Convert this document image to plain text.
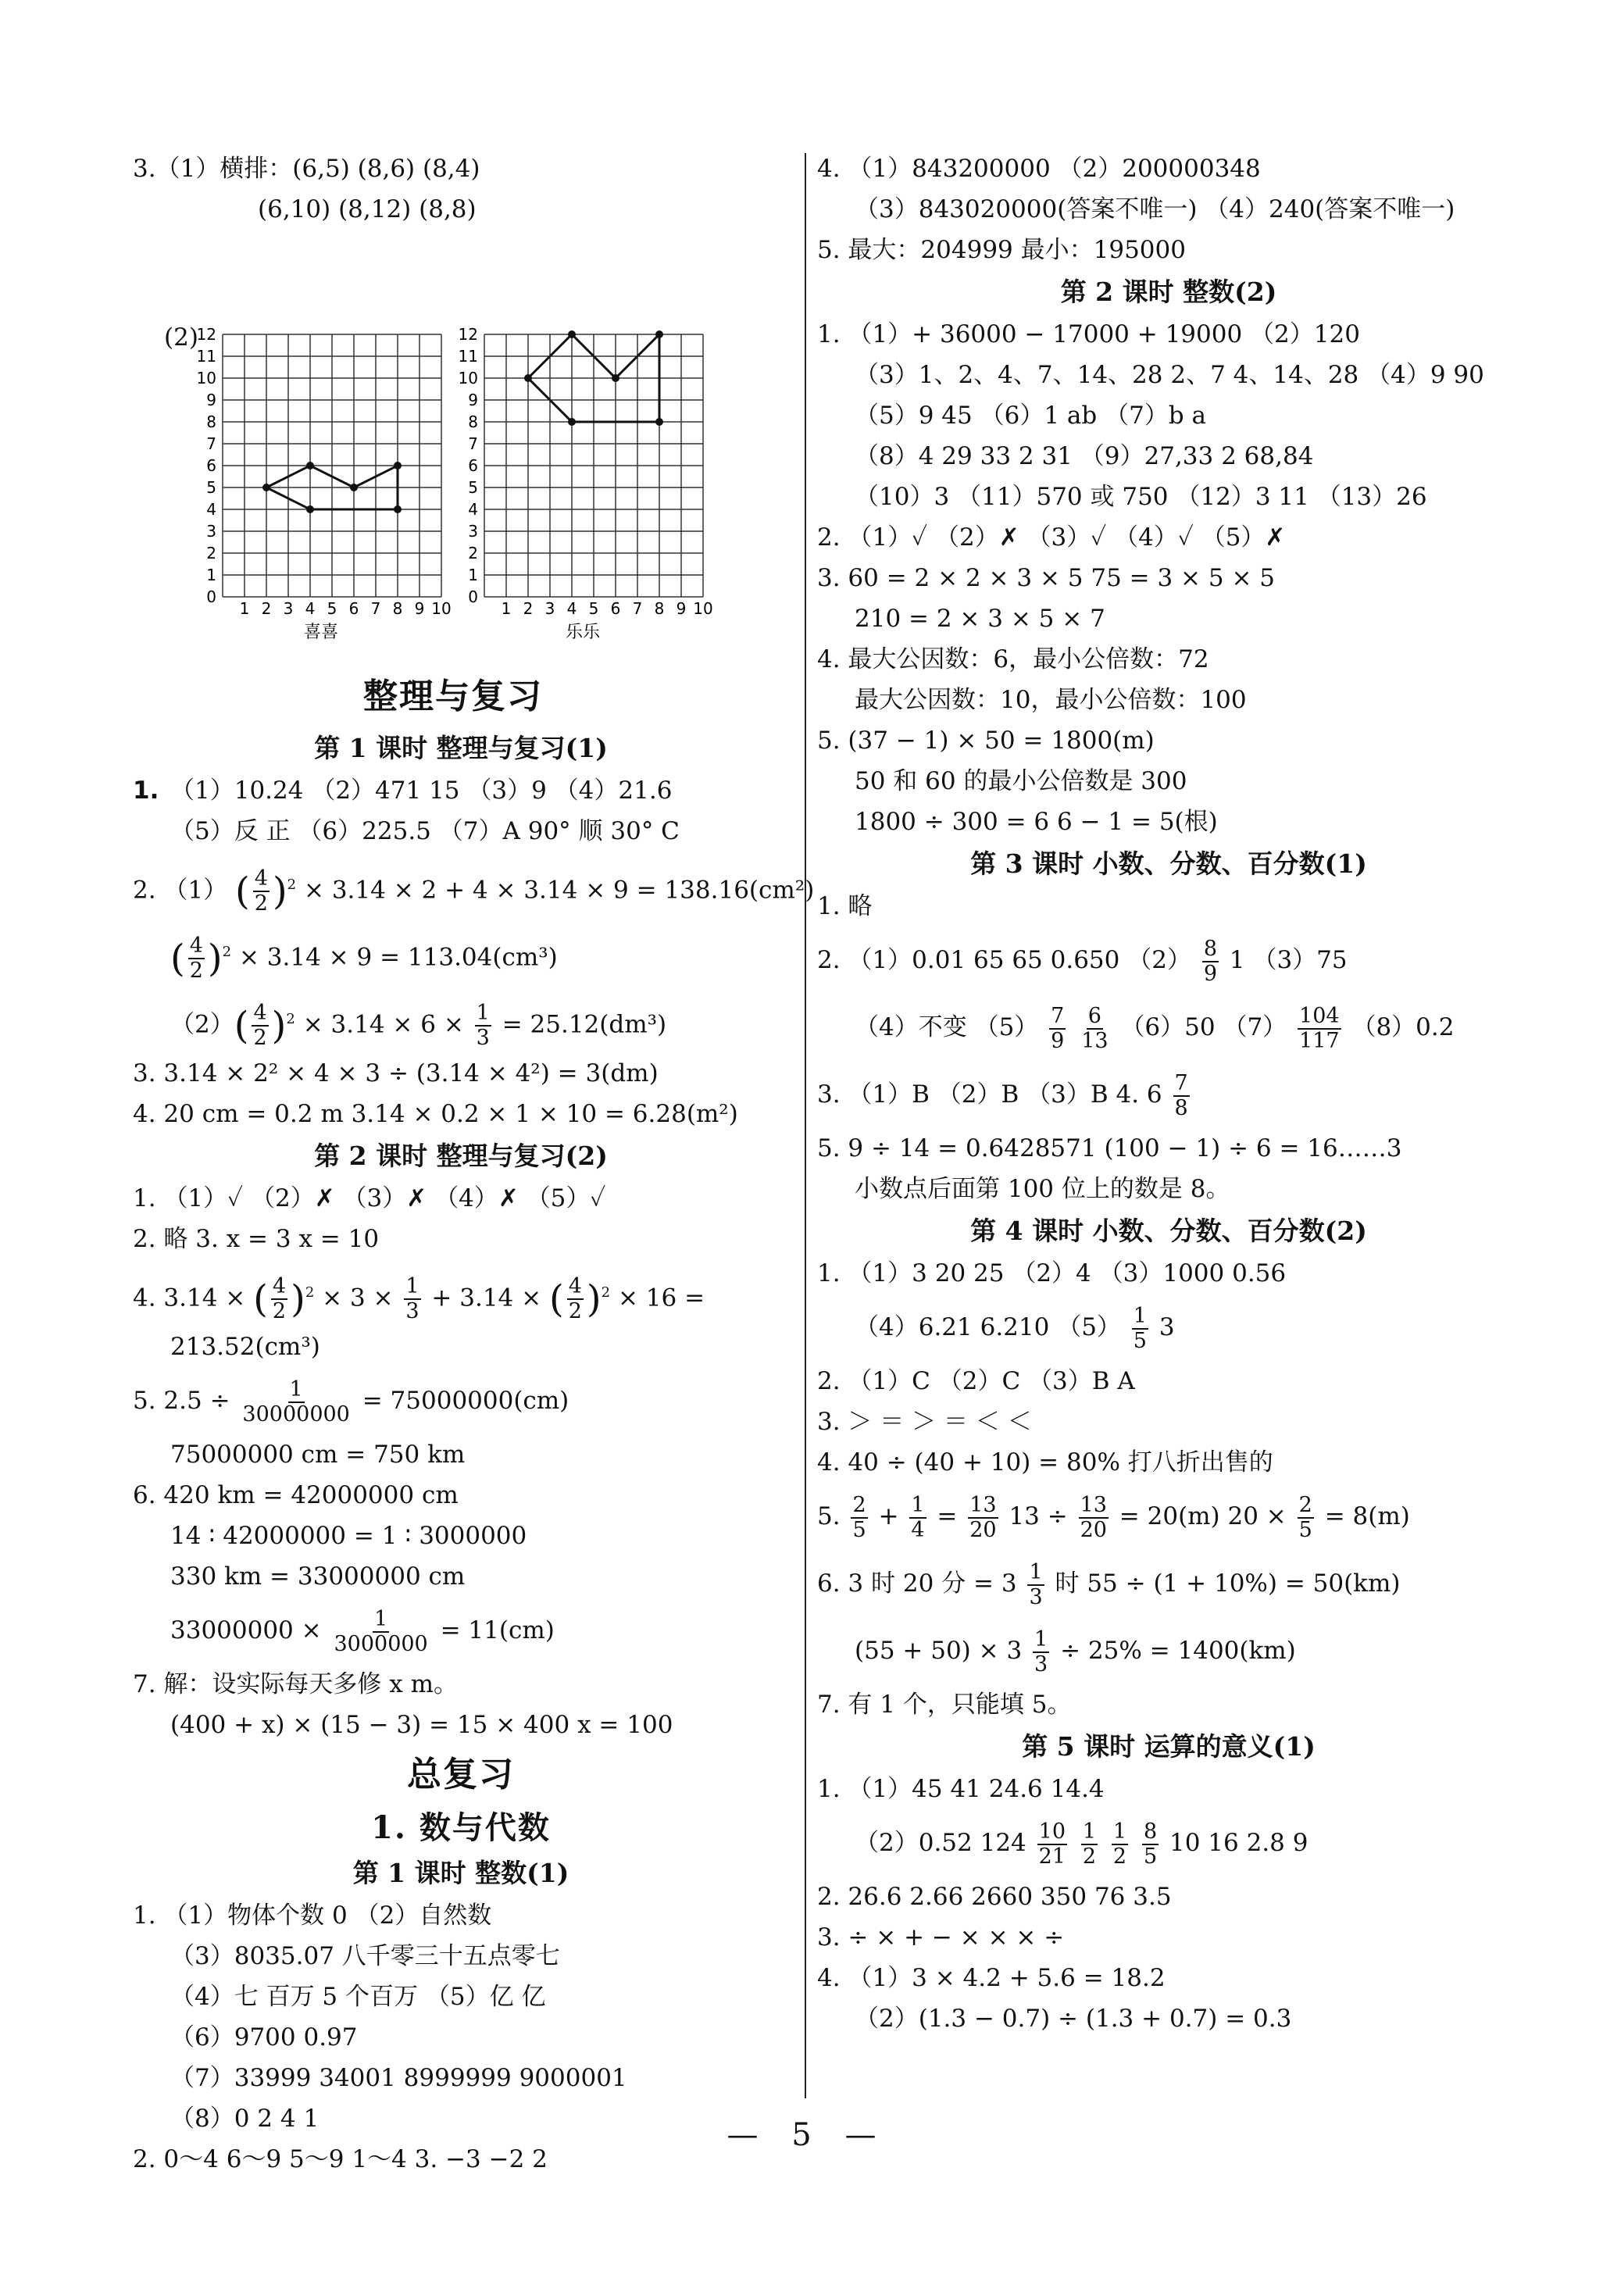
3.（1）横排：(6,5) (8,6) (8,4)
(6,10) (8,12) (8,8)
(2)
12
11
10
9
8
7
6
5
4
3
2
1
0
1 2 3 4 5 6 7 8 9 10
喜喜
12
11
10
9
8
7
6
5
4
3
2
1
0
1 2 3 4 5 6 7 8 9 10
乐乐
整理与复习
第 1 课时 整理与复习(1)
1. （1）10.24 （2）471 15 （3）9 （4）21.6
（5）反 正 （6）225.5 （7）A 90° 顺 30° C
2. （1） ( $\frac{4}{2} )^2 \times 3.14 \times 2 + 4 \times 3.14 \times 9 = 138.16(cm^2)$
( $\frac{4}{2} )^2 \times 3.14 \times 9 = 113.04(cm^3)$
$(2)( \frac{4}{2} )^2 \times 3.14 \times 6 \times \frac{1}{3} = 25.12(dm^3)$
3. 3.14 × 2² × 4 × 3 ÷ (3.14 × 4²) = 3(dm)
4. 20 cm = 0.2 m 3.14 × 0.2 × 1 × 10 = 6.28(m²)
第 2 课时 整理与复习(2)
1. （1）✓ （2）✗ （3）✗ （4）✗ （5）✓
2. 略 3. x = 3 x = 10
4. 3.14 × ( $\frac{4}{2} )^2 \times 3 \times \frac{1}{3} + 3.14$ × ( $\frac{4}{2} )^2 \times 16$ =
213.52(cm³)
5. $2.5 \div \frac{1}{30000000} = 75000000(cm)$
75000000 cm = 750 km
6. 420 km = 42000000 cm
14 ∶ 42000000 = 1 ∶ 3000000
330 km = 33000000 cm
$33000000 \times \frac{1}{3000000} = 11(cm)$
7. 解：设实际每天多修 x m。
(400 + x) × (15 − 3) = 15 × 400 x = 100
总复习
1. 数与代数
第 1 课时 整数(1)
1. （1）物体个数 0 （2）自然数
（3）8035.07 八千零三十五点零七
（4）七 百万 5 个百万 （5）亿 亿
（6）9700 0.97
（7）33999 34001 8999999 9000001
（8）0 2 4 1
2. 0～4 6～9 5～9 1～4 3. −3 −2 2
4. （1）843200000 （2）200000348
（3）843020000(答案不唯一) （4）240(答案不唯一)
5. 最大：204999 最小：195000
第 2 课时 整数(2)
1. （1）+ 36000 − 17000 + 19000 （2）120
（3）1、2、4、7、14、28 2、7 4、14、28 （4）9 90
（5）9 45 （6）1 ab （7）b a
（8）4 29 33 2 31 （9）27,33 2 68,84
（10）3 （11）570 或 750 （12）3 11 （13）26
2. （1）✓ （2）✗ （3）✓ （4）✓ （5）✗
3. 60 = 2 × 2 × 3 × 5 75 = 3 × 5 × 5
210 = 2 × 3 × 5 × 7
4. 最大公因数：6，最小公倍数：72
最大公因数：10，最小公倍数：100
5. (37 − 1) × 50 = 1800(m)
50 和 60 的最小公倍数是 300
1800 ÷ 300 = 6 6 − 1 = 5(根)
第 3 课时 小数、分数、百分数(1)
1. 略
2. （1）0.01 65 65 0.650 $(2) \frac{8}{9} 1$ （3）75
（4）不变 $(5) \frac{7}{9}$
$\frac{6}{13} (6)50$ $(7) \frac{104}{117} (8)0.2$
3. （1）B （2）B （3）B 4. $6 \frac{7}{8}$
5. 9 ÷ 14 = 0.6428571 (100 − 1) ÷ 6 = 16……3
小数点后面第 100 位上的数是 8。
第 4 课时 小数、分数、百分数(2)
1. （1）3 20 25 （2）4 （3）1000 0.56
（4）6.21 6.210 $(5) \frac{1}{5} 3$
2. （1）C （2）C （3）B A
3. ＞ ＝ ＞ ＝ ＜ ＜
4. 40 ÷ (40 + 10) = 80% 打八折出售的
5. $\frac{2}{5} + \frac{1}{4} = \frac{13}{20} 13 \div \frac{13}{20} = 20(m) 20 \times \frac{2}{5} = 8(m)$
6. 3 时 20 分 = $3 \frac{1}{3}$ 时 55 ÷ (1 + 10%) = 50(km)
$(55 + 50) \times 3 \frac{1}{3} \div 25\% = 1400(km)$
7. 有 1 个，只能填 5。
第 5 课时 运算的意义(1)
1. （1）45 41 24.6 14.4
（2）0.52 $124 \frac{10}{21}$
$\frac{1}{2}$
$\frac{1}{2}$
$\frac{8}{5} 10$ 16 2.8 9
2. 26.6 2.66 2660 350 76 3.5
3. ÷ × + − × × × ÷
4. （1）3 × 4.2 + 5.6 = 18.2
（2）(1.3 − 0.7) ÷ (1.3 + 0.7) = 0.3
— 5 —
